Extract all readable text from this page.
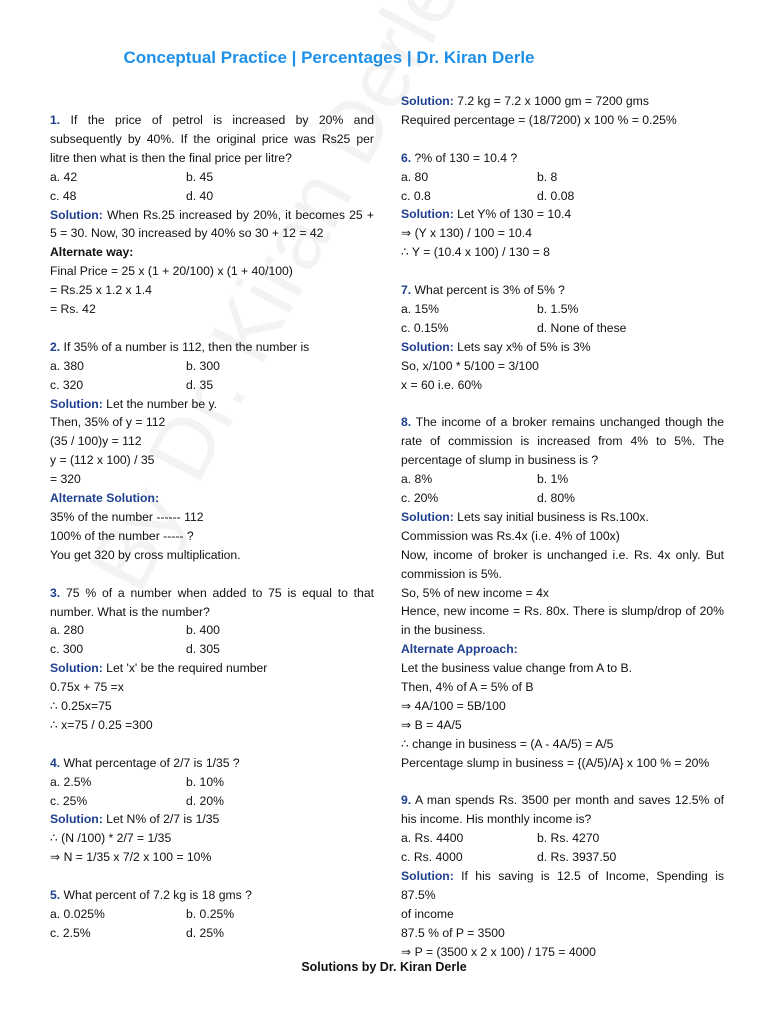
Conceptual Practice | Percentages | Dr. Kiran Derle
1. If the price of petrol is increased by 20% and
subsequently by 40%. If the original price was Rs25 per
litre then what is then the final price per litre?
a. 42	b. 45
c. 48	d. 40
Solution: When Rs.25 increased by 20%, it becomes 25 +
5 = 30. Now, 30 increased by 40% so 30 + 12 = 42
Alternate way:
Final Price = 25 x (1 + 20/100) x (1 + 40/100)
= Rs.25 x 1.2 x 1.4
= Rs. 42
2. If 35% of a number is 112, then the number is
a. 380	b. 300
c. 320	d. 35
Solution: Let the number be y.
Then, 35% of y = 112
(35 / 100)y = 112
y = (112 x 100) / 35
= 320
Alternate Solution:
35% of the number ------ 112
100% of the number ----- ?
You get 320 by cross multiplication.
3. 75 % of a number when added to 75 is equal to that
number. What is the number?
a. 280	b. 400
c. 300	d. 305
Solution: Let 'x' be the required number
0.75x + 75 =x
∴ 0.25x=75
∴ x=75 / 0.25 =300
4. What percentage of 2/7 is 1/35 ?
a. 2.5%	b. 10%
c. 25%	d. 20%
Solution: Let N% of 2/7 is 1/35
∴ (N /100) * 2/7 = 1/35
⇒ N = 1/35 x 7/2 x 100 = 10%
5. What percent of 7.2 kg is 18 gms ?
a. 0.025%	b. 0.25%
c. 2.5%	d. 25%
Solution: 7.2 kg = 7.2 x 1000 gm = 7200 gms
Required percentage = (18/7200) x 100 % = 0.25%
6. ?% of 130 = 10.4 ?
a. 80	b. 8
c. 0.8	d. 0.08
Solution: Let Y% of 130 = 10.4
⇒ (Y x 130) / 100 = 10.4
∴ Y = (10.4 x 100) / 130 = 8
7. What percent is 3% of 5% ?
a. 15%	b. 1.5%
c. 0.15%	d. None of these
Solution: Lets say x% of 5% is 3%
So, x/100 * 5/100 = 3/100
x = 60 i.e. 60%
8. The income of a broker remains unchanged though the
rate of commission is increased from 4% to 5%. The
percentage of slump in business is ?
a. 8%	b. 1%
c. 20%	d. 80%
Solution: Lets say initial business is Rs.100x.
Commission was Rs.4x (i.e. 4% of 100x)
Now, income of broker is unchanged i.e. Rs. 4x only. But
commission is 5%.
So, 5% of new income = 4x
Hence, new income = Rs. 80x. There is slump/drop of 20%
in the business.
Alternate Approach:
Let the business value change from A to B.
Then, 4% of A = 5% of B
⇒ 4A/100 = 5B/100
⇒ B = 4A/5
∴ change in business = (A - 4A/5) = A/5
Percentage slump in business = {(A/5)/A} x 100 % = 20%
9. A man spends Rs. 3500 per month and saves 12.5% of
his income. His monthly income is?
a. Rs. 4400	b. Rs. 4270
c. Rs. 4000	d. Rs. 3937.50
Solution: If his saving is 12.5 of Income, Spending is 87.5%
of income
87.5 % of P = 3500
⇒ P = (3500 x 2 x 100) / 175 = 4000
Solutions by Dr. Kiran Derle
